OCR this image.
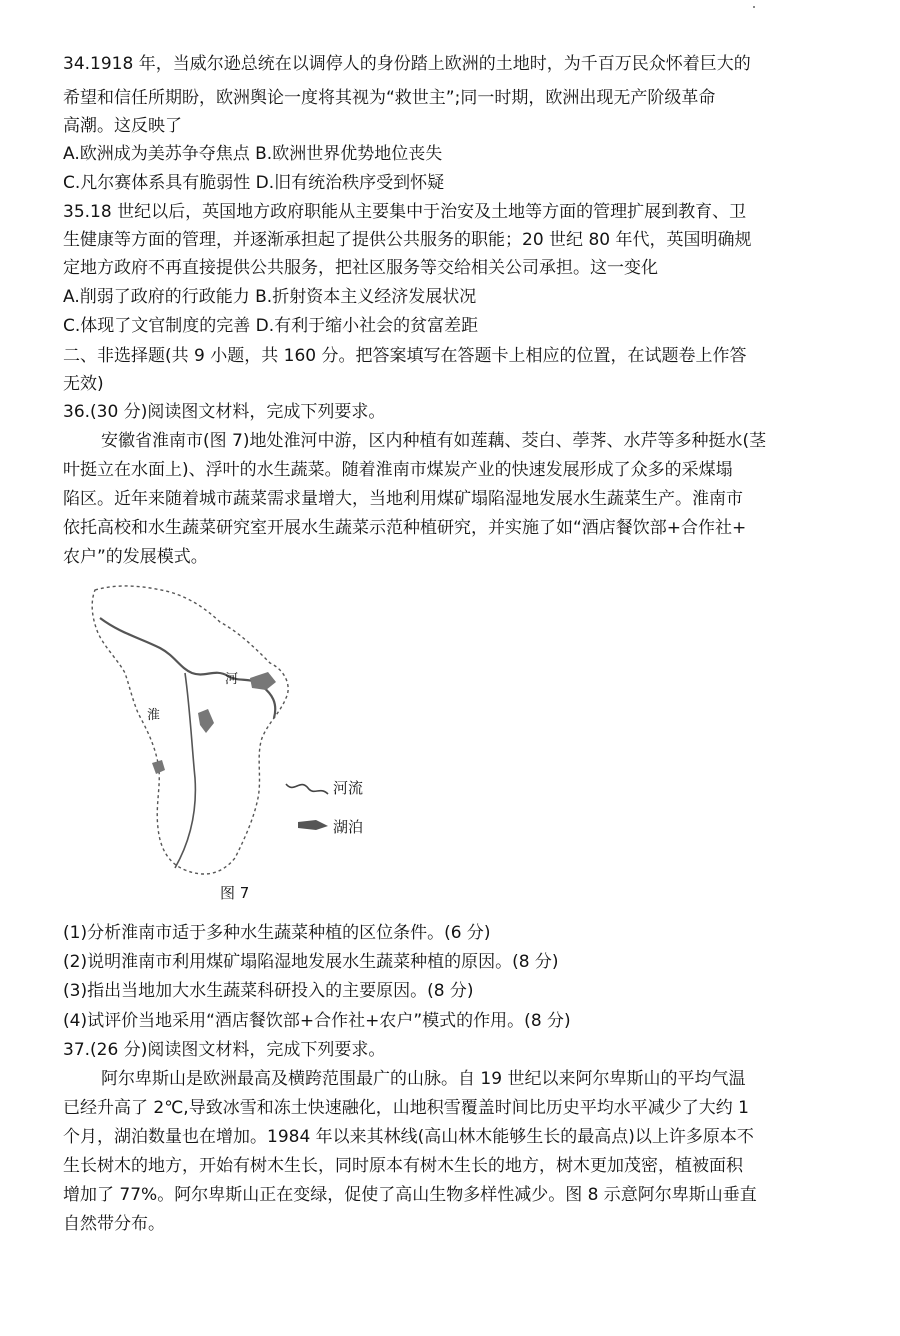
34.1918 年，当威尔逊总统在以调停人的身份踏上欧洲的土地时，为千百万民众怀着巨大的
希望和信任所期盼，欧洲舆论一度将其视为“救世主”;同一时期，欧洲出现无产阶级革命
高潮。这反映了
A.欧洲成为美苏争夺焦点 B.欧洲世界优势地位丧失
C.凡尔赛体系具有脆弱性 D.旧有统治秩序受到怀疑
35.18 世纪以后，英国地方政府职能从主要集中于治安及土地等方面的管理扩展到教育、卫
生健康等方面的管理，并逐渐承担起了提供公共服务的职能；20 世纪 80 年代，英国明确规
定地方政府不再直接提供公共服务，把社区服务等交给相关公司承担。这一变化
A.削弱了政府的行政能力 B.折射资本主义经济发展状况
C.体现了文官制度的完善 D.有利于缩小社会的贫富差距
二、非选择题(共 9 小题，共 160 分。把答案填写在答题卡上相应的位置，在试题卷上作答
无效)
36.(30 分)阅读图文材料，完成下列要求。
安徽省淮南市(图 7)地处淮河中游，区内种植有如莲藕、茭白、荸荠、水芹等多种挺水(茎
叶挺立在水面上)、浮叶的水生蔬菜。随着淮南市煤炭产业的快速发展形成了众多的采煤塌
陷区。近年来随着城市蔬菜需求量增大，当地利用煤矿塌陷湿地发展水生蔬菜生产。淮南市
依托高校和水生蔬菜研究室开展水生蔬菜示范种植研究，并实施了如“酒店餐饮部+合作社+
农户”的发展模式。
河
淮
河流
湖泊
图 7
(1)分析淮南市适于多种水生蔬菜种植的区位条件。(6 分)
(2)说明淮南市利用煤矿塌陷湿地发展水生蔬菜种植的原因。(8 分)
(3)指出当地加大水生蔬菜科研投入的主要原因。(8 分)
(4)试评价当地采用“酒店餐饮部+合作社+农户”模式的作用。(8 分)
37.(26 分)阅读图文材料，完成下列要求。
阿尔卑斯山是欧洲最高及横跨范围最广的山脉。自 19 世纪以来阿尔卑斯山的平均气温
已经升高了 2℃,导致冰雪和冻土快速融化，山地积雪覆盖时间比历史平均水平减少了大约 1
个月，湖泊数量也在增加。1984 年以来其林线(高山林木能够生长的最高点)以上许多原本不
生长树木的地方，开始有树木生长，同时原本有树木生长的地方，树木更加茂密，植被面积
增加了 77%。阿尔卑斯山正在变绿，促使了高山生物多样性减少。图 8 示意阿尔卑斯山垂直
自然带分布。
